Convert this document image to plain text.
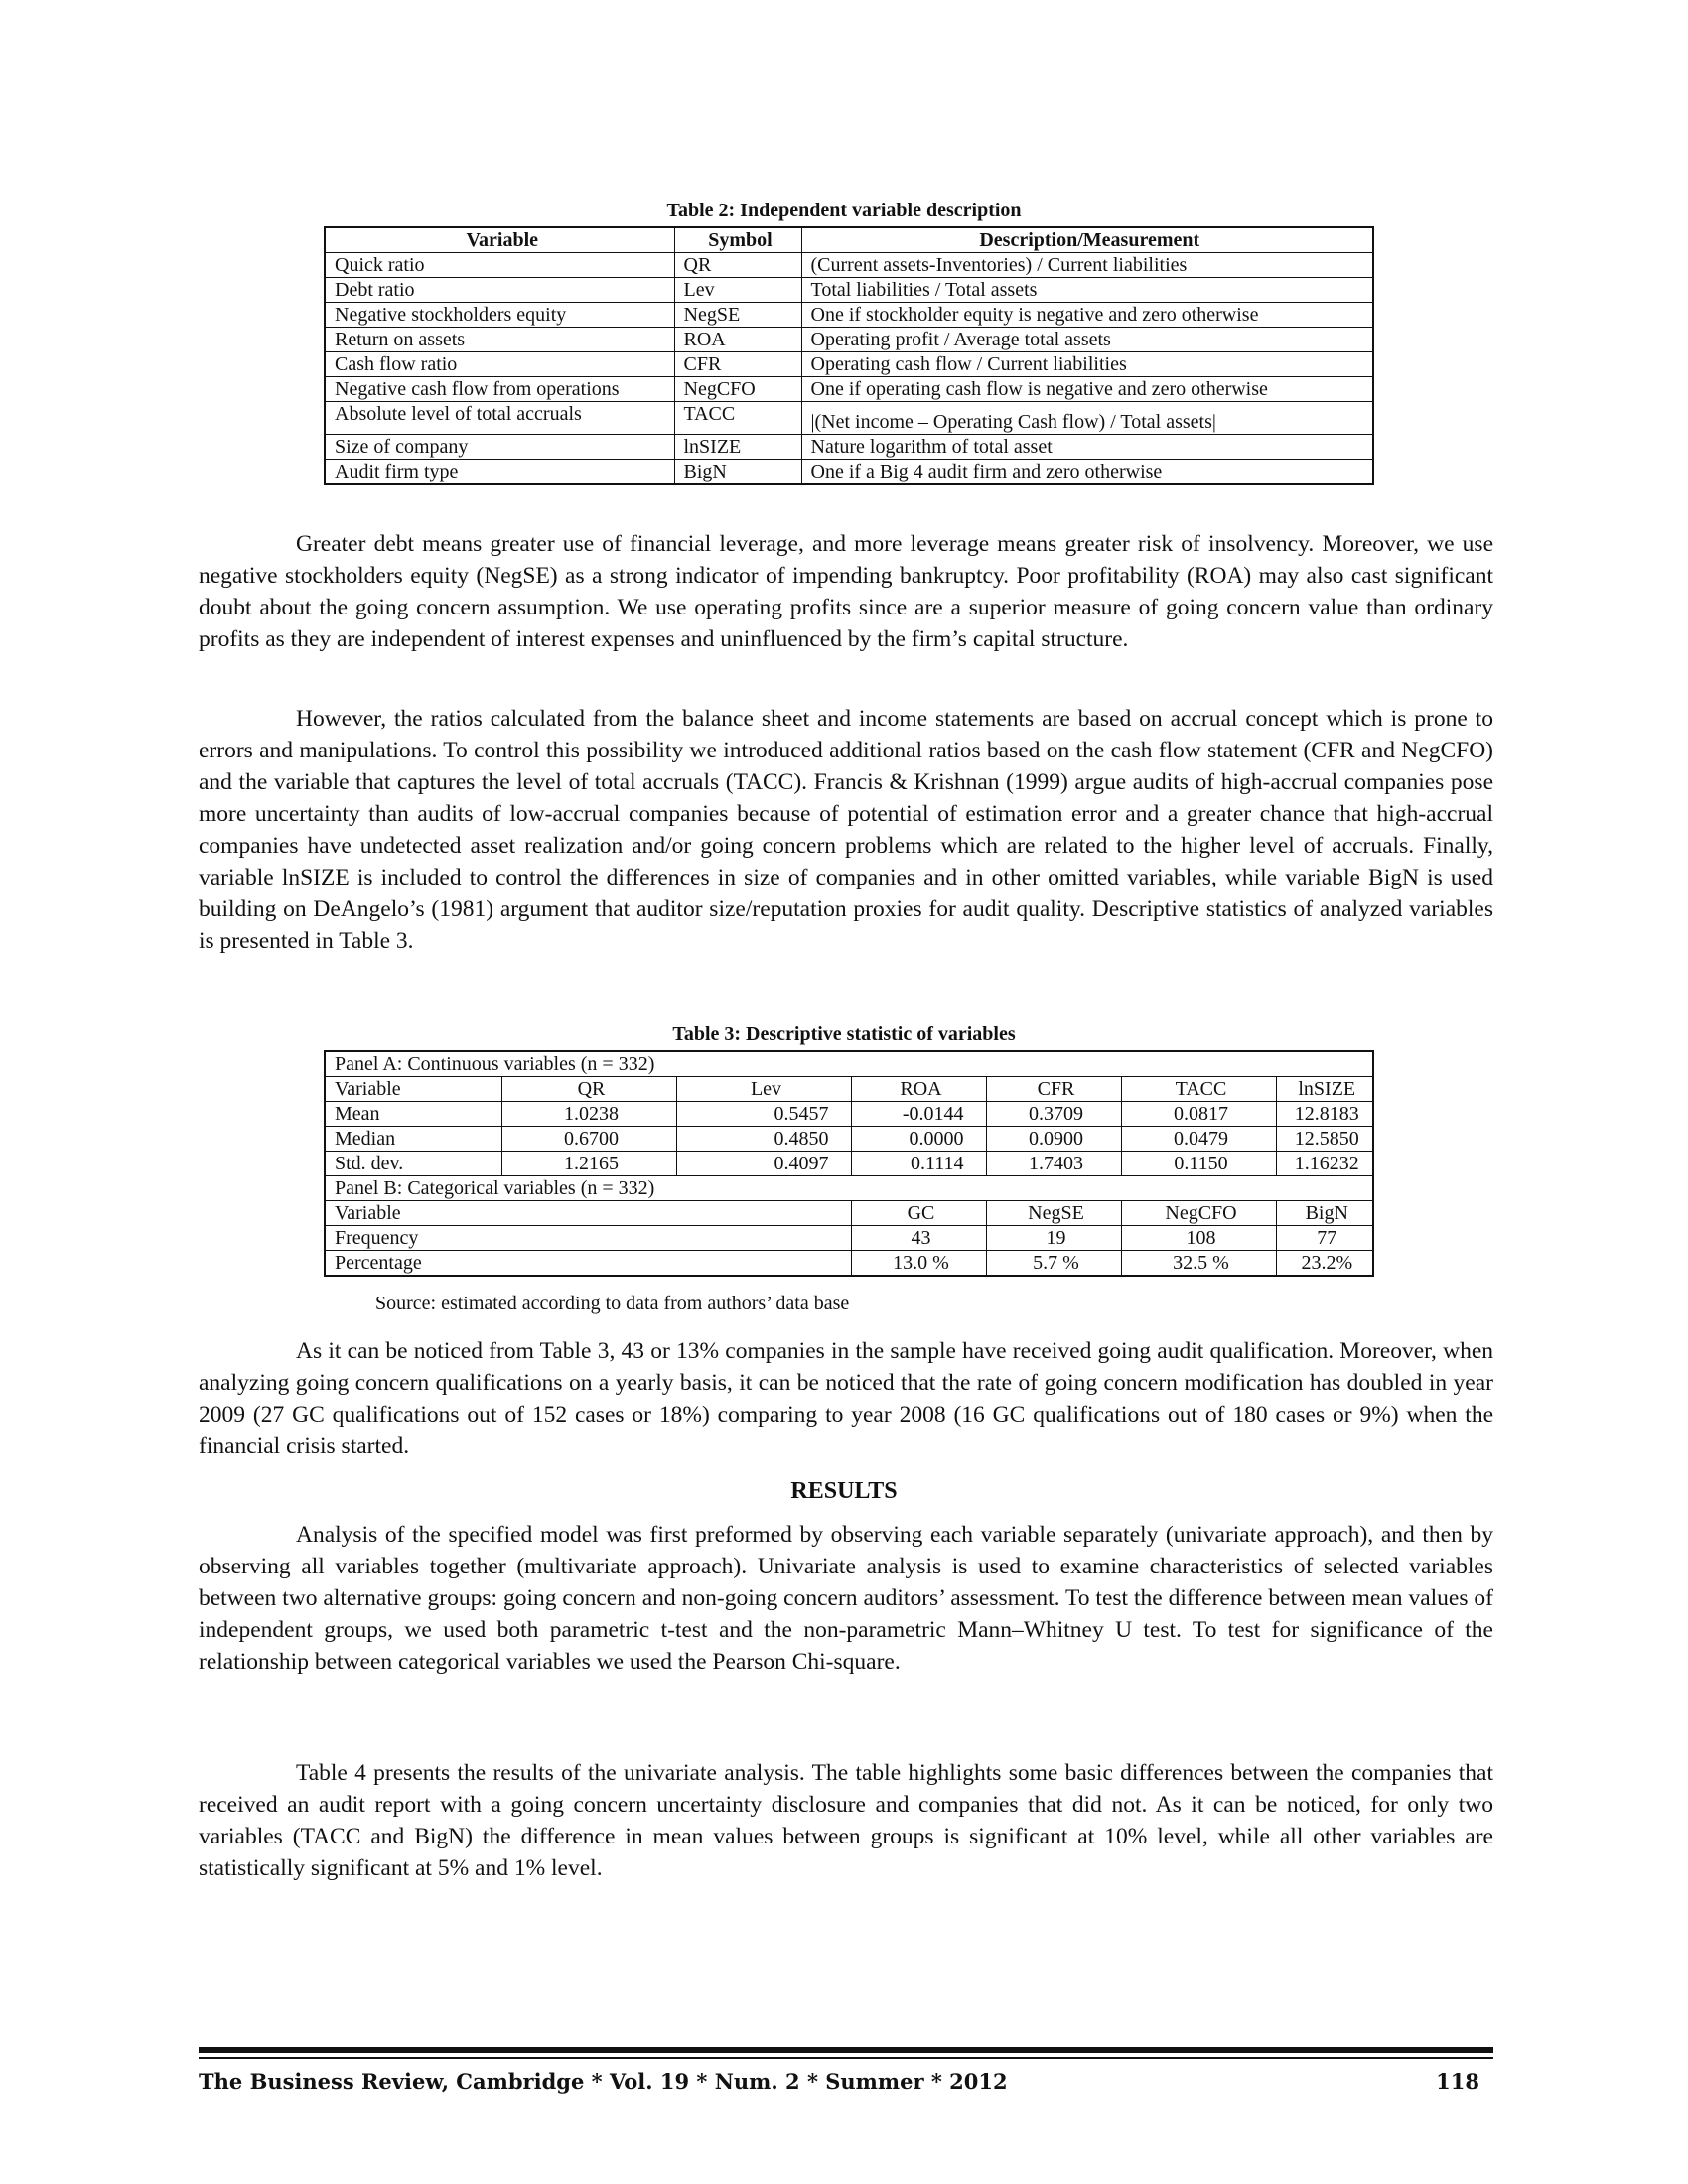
Table 2: Independent variable description
Variable	Symbol	Description/Measurement
Quick ratio	QR	(Current assets-Inventories) / Current liabilities
Debt ratio	Lev	Total liabilities / Total assets
Negative stockholders equity	NegSE	One if stockholder equity is negative and zero otherwise
Return on assets	ROA	Operating profit / Average total assets
Cash flow ratio	CFR	Operating cash flow / Current liabilities
Negative cash flow from operations	NegCFO	One if operating cash flow is negative and zero otherwise
Absolute level of total accruals	TACC	|(Net income – Operating Cash flow) / Total assets|
Size of company	lnSIZE	Nature logarithm of total asset
Audit firm type	BigN	One if a Big 4 audit firm and zero otherwise

Greater debt means greater use of financial leverage, and more leverage means greater risk of insolvency. Moreover, we use negative stockholders equity (NegSE) as a strong indicator of impending bankruptcy. Poor profitability (ROA) may also cast significant doubt about the going concern assumption. We use operating profits since are a superior measure of going concern value than ordinary profits as they are independent of interest expenses and uninfluenced by the firm’s capital structure.

However, the ratios calculated from the balance sheet and income statements are based on accrual concept which is prone to errors and manipulations. To control this possibility we introduced additional ratios based on the cash flow statement (CFR and NegCFO) and the variable that captures the level of total accruals (TACC). Francis & Krishnan (1999) argue audits of high-accrual companies pose more uncertainty than audits of low-accrual companies because of potential of estimation error and a greater chance that high-accrual companies have undetected asset realization and/or going concern problems which are related to the higher level of accruals. Finally, variable lnSIZE is included to control the differences in size of companies and in other omitted variables, while variable BigN is used building on DeAngelo’s (1981) argument that auditor size/reputation proxies for audit quality. Descriptive statistics of analyzed variables is presented in Table 3.

Table 3: Descriptive statistic of variables
Panel A: Continuous variables (n = 332)						
Variable	QR	Lev	ROA	CFR	TACC	lnSIZE
Mean	1.0238	0.5457	-0.0144	0.3709	0.0817	12.8183
Median	0.6700	0.4850	0.0000	0.0900	0.0479	12.5850
Std. dev.	1.2165	0.4097	0.1114	1.7403	0.1150	1.16232
Panel B: Categorical variables (n = 332)						
Variable			GC	NegSE	NegCFO	BigN
Frequency			43	19	108	77
Percentage			13.0 %	5.7 %	32.5 %	23.2%
Source: estimated according to data from authors’ data base

As it can be noticed from Table 3, 43 or 13% companies in the sample have received going audit qualification. Moreover, when analyzing going concern qualifications on a yearly basis, it can be noticed that the rate of going concern modification has doubled in year 2009 (27 GC qualifications out of 152 cases or 18%) comparing to year 2008 (16 GC qualifications out of 180 cases or 9%) when the financial crisis started.

RESULTS

Analysis of the specified model was first preformed by observing each variable separately (univariate approach), and then by observing all variables together (multivariate approach). Univariate analysis is used to examine characteristics of selected variables between two alternative groups: going concern and non-going concern auditors’ assessment. To test the difference between mean values of independent groups, we used both parametric t-test and the non-parametric Mann–Whitney U test. To test for significance of the relationship between categorical variables we used the Pearson Chi-square.

Table 4 presents the results of the univariate analysis. The table highlights some basic differences between the companies that received an audit report with a going concern uncertainty disclosure and companies that did not. As it can be noticed, for only two variables (TACC and BigN) the difference in mean values between groups is significant at 10% level, while all other variables are statistically significant at 5% and 1% level.

The Business Review, Cambridge * Vol. 19 * Num. 2 * Summer * 2012	118
